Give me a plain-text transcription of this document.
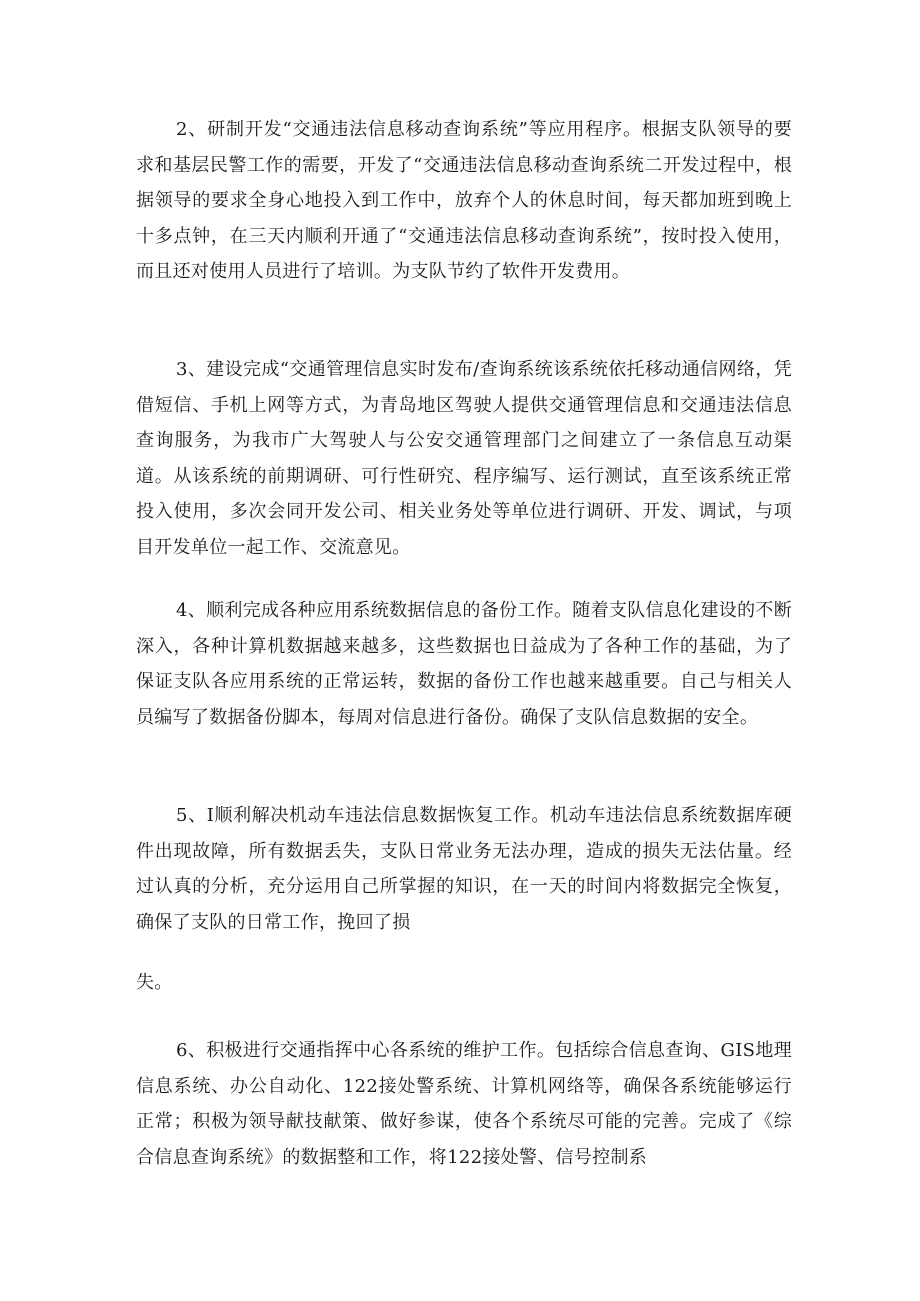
2、研制开发“交通违法信息移动查询系统”等应用程序。根据支队领导的要求和基层民警工作的需要，开发了“交通违法信息移动查询系统二开发过程中，根据领导的要求全身心地投入到工作中，放弃个人的休息时间，每天都加班到晚上十多点钟，在三天内顺利开通了“交通违法信息移动查询系统”，按时投入使用，而且还对使用人员进行了培训。为支队节约了软件开发费用。

3、建设完成“交通管理信息实时发布/查询系统该系统依托移动通信网络，凭借短信、手机上网等方式，为青岛地区驾驶人提供交通管理信息和交通违法信息查询服务，为我市广大驾驶人与公安交通管理部门之间建立了一条信息互动渠道。从该系统的前期调研、可行性研究、程序编写、运行测试，直至该系统正常投入使用，多次会同开发公司、相关业务处等单位进行调研、开发、调试，与项目开发单位一起工作、交流意见。

4、顺利完成各种应用系统数据信息的备份工作。随着支队信息化建设的不断深入，各种计算机数据越来越多，这些数据也日益成为了各种工作的基础，为了保证支队各应用系统的正常运转，数据的备份工作也越来越重要。自己与相关人员编写了数据备份脚本，每周对信息进行备份。确保了支队信息数据的安全。

5、I顺利解决机动车违法信息数据恢复工作。机动车违法信息系统数据库硬件出现故障，所有数据丢失，支队日常业务无法办理，造成的损失无法估量。经过认真的分析，充分运用自己所掌握的知识，在一天的时间内将数据完全恢复，确保了支队的日常工作，挽回了损

失。

6、积极进行交通指挥中心各系统的维护工作。包括综合信息查询、GIS地理信息系统、办公自动化、122接处警系统、计算机网络等，确保各系统能够运行正常；积极为领导献技献策、做好参谋，使各个系统尽可能的完善。完成了《综合信息查询系统》的数据整和工作，将122接处警、信号控制系
